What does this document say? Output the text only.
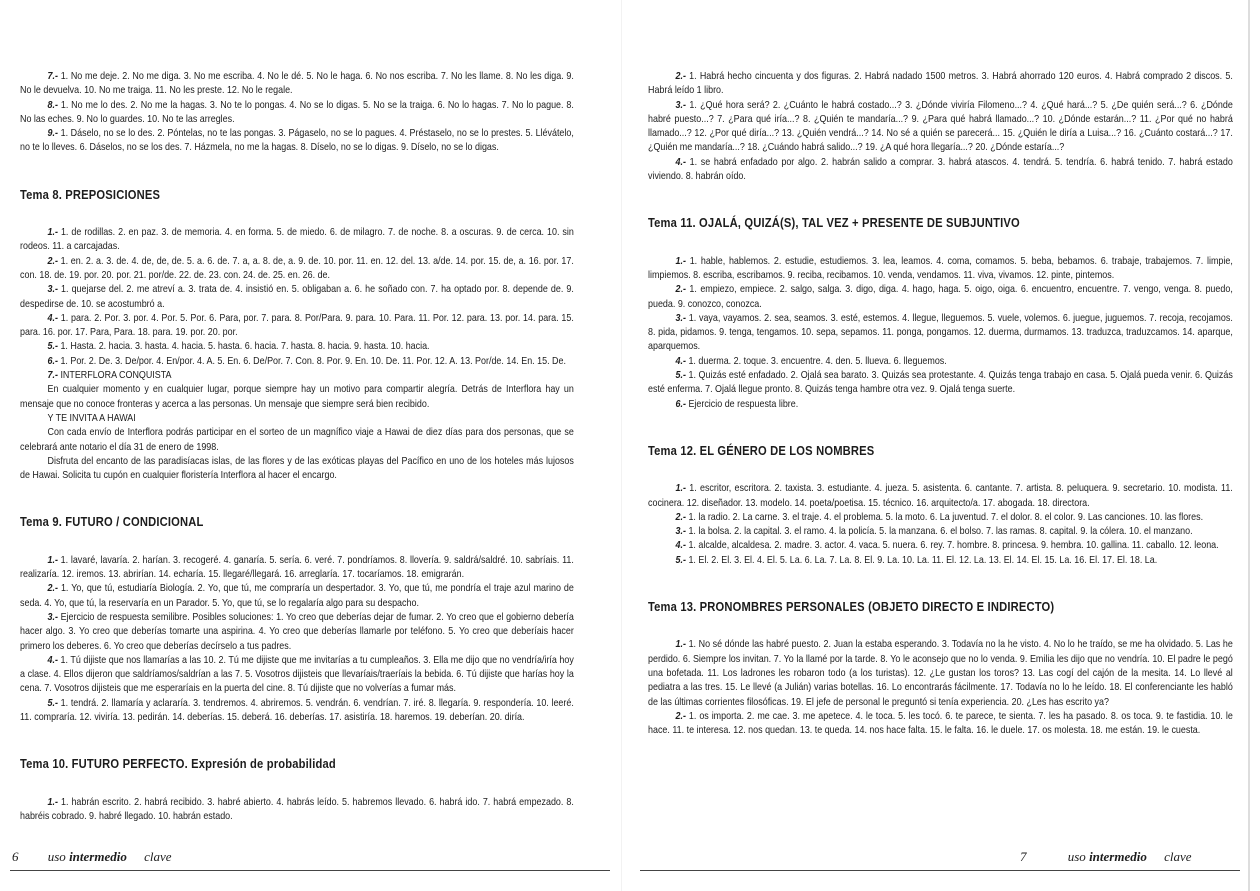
7.- 1. No me deje. 2. No me diga. 3. No me escriba. 4. No le dé. 5. No le haga. 6. No nos escriba. 7. No les llame. 8. No les diga. 9. No le devuelva. 10. No me traiga. 11. No les preste. 12. No le regale.

8.- 1. No me lo des. 2. No me la hagas. 3. No te lo pongas. 4. No se lo digas. 5. No se la traiga. 6. No lo hagas. 7. No lo pague. 8. No las eches. 9. No lo guardes. 10. No te las arregles.

9.- 1. Dáselo, no se lo des. 2. Póntelas, no te las pongas. 3. Págaselo, no se lo pagues. 4. Préstaselo, no se lo prestes. 5. Llévátelo, no te lo lleves. 6. Dáselos, no se los des. 7. Házmela, no me la hagas. 8. Díselo, no se lo digas. 9. Díselo, no se lo digas.

Tema 8. PREPOSICIONES

1.- 1. de rodillas. 2. en paz. 3. de memoria. 4. en forma. 5. de miedo. 6. de milagro. 7. de noche. 8. a oscuras. 9. de cerca. 10. sin rodeos. 11. a carcajadas.

2.- 1. en. 2. a. 3. de. 4. de, de, de. 5. a. 6. de. 7. a, a. 8. de, a. 9. de. 10. por. 11. en. 12. del. 13. a/de. 14. por. 15. de, a. 16. por. 17. con. 18. de. 19. por. 20. por. 21. por/de. 22. de. 23. con. 24. de. 25. en. 26. de.

3.- 1. quejarse del. 2. me atreví a. 3. trata de. 4. insistió en. 5. obligaban a. 6. he soñado con. 7. ha optado por. 8. depende de. 9. despedirse de. 10. se acostumbró a.

4.- 1. para. 2. Por. 3. por. 4. Por. 5. Por. 6. Para, por. 7. para. 8. Por/Para. 9. para. 10. Para. 11. Por. 12. para. 13. por. 14. para. 15. para. 16. por. 17. Para, Para. 18. para. 19. por. 20. por.

5.- 1. Hasta. 2. hacia. 3. hasta. 4. hacia. 5. hasta. 6. hacia. 7. hasta. 8. hacia. 9. hasta. 10. hacia.

6.- 1. Por. 2. De. 3. De/por. 4. En/por. 4. A. 5. En. 6. De/Por. 7. Con. 8. Por. 9. En. 10. De. 11. Por. 12. A. 13. Por/de. 14. En. 15. De.

7.- INTERFLORA CONQUISTA

En cualquier momento y en cualquier lugar, porque siempre hay un motivo para compartir alegría. Detrás de Interflora hay un mensaje que no conoce fronteras y acerca a las personas. Un mensaje que siempre será bien recibido.

Y TE INVITA A HAWAI

Con cada envío de Interflora podrás participar en el sorteo de un magnífico viaje a Hawai de diez días para dos personas, que se celebrará ante notario el día 31 de enero de 1998.

Disfruta del encanto de las paradisíacas islas, de las flores y de las exóticas playas del Pacífico en uno de los hoteles más lujosos de Hawai. Solicita tu cupón en cualquier floristería Interflora al hacer el encargo.

Tema 9. FUTURO / CONDICIONAL

1.- 1. lavaré, lavaría. 2. harían. 3. recogeré. 4. ganaría. 5. sería. 6. veré. 7. pondríamos. 8. llovería. 9. saldrá/saldré. 10. sabríais. 11. realizaría. 12. iremos. 13. abrirían. 14. echaría. 15. llegaré/llegará. 16. arreglaría. 17. tocaríamos. 18. emigrarán.

2.- 1. Yo, que tú, estudiaría Biología. 2. Yo, que tú, me compraría un despertador. 3. Yo, que tú, me pondría el traje azul marino de seda. 4. Yo, que tú, la reservaría en un Parador. 5. Yo, que tú, se lo regalaría algo para su despacho.

3.- Ejercicio de respuesta semilibre. Posibles soluciones: 1. Yo creo que deberías dejar de fumar. 2. Yo creo que el gobierno debería hacer algo. 3. Yo creo que deberías tomarte una aspirina. 4. Yo creo que deberías llamarle por teléfono. 5. Yo creo que deberíais hacer primero los deberes. 6. Yo creo que deberías decírselo a tus padres.

4.- 1. Tú dijiste que nos llamarías a las 10. 2. Tú me dijiste que me invitarías a tu cumpleaños. 3. Ella me dijo que no vendría/iría hoy a clase. 4. Ellos dijeron que saldríamos/saldrían a las 7. 5. Vosotros dijisteis que llevaríais/traeríais la bebida. 6. Tú dijiste que harías hoy la cena. 7. Vosotros dijisteis que me esperaríais en la puerta del cine. 8. Tú dijiste que no volverías a fumar más.

5.- 1. tendrá. 2. llamaría y aclararía. 3. tendremos. 4. abriremos. 5. vendrán. 6. vendrían. 7. iré. 8. llegaría. 9. respondería. 10. leeré. 11. compraría. 12. viviría. 13. pedirán. 14. deberías. 15. deberá. 16. deberías. 17. asistiría. 18. haremos. 19. deberían. 20. diría.

Tema 10. FUTURO PERFECTO. Expresión de probabilidad

1.- 1. habrán escrito. 2. habrá recibido. 3. habré abierto. 4. habrás leído. 5. habremos llevado. 6. habrá ido. 7. habrá empezado. 8. habréis cobrado. 9. habré llegado. 10. habrán estado.

6 uso intermedio clave

2.- 1. Habrá hecho cincuenta y dos figuras. 2. Habrá nadado 1500 metros. 3. Habrá ahorrado 120 euros. 4. Habrá comprado 2 discos. 5. Habrá leído 1 libro.

3.- 1. ¿Qué hora será? 2. ¿Cuánto le habrá costado...? 3. ¿Dónde viviría Filomeno...? 4. ¿Qué hará...? 5. ¿De quién será...? 6. ¿Dónde habré puesto...? 7. ¿Para qué iría...? 8. ¿Quién te mandaría...? 9. ¿Para qué habrá llamado...? 10. ¿Dónde estarán...? 11. ¿Por qué no habrá llamado...? 12. ¿Por qué diría...? 13. ¿Quién vendrá...? 14. No sé a quién se parecerá... 15. ¿Quién le diría a Luisa...? 16. ¿Cuánto costará...? 17. ¿Quién me mandaría...? 18. ¿Cuándo habrá salido...? 19. ¿A qué hora llegaría...? 20. ¿Dónde estaría...?

4.- 1. se habrá enfadado por algo. 2. habrán salido a comprar. 3. habrá atascos. 4. tendrá. 5. tendría. 6. habrá tenido. 7. habrá estado viviendo. 8. habrán oído.

Tema 11. OJALÁ, QUIZÁ(S), TAL VEZ + PRESENTE DE SUBJUNTIVO

1.- 1. hable, hablemos. 2. estudie, estudiemos. 3. lea, leamos. 4. coma, comamos. 5. beba, bebamos. 6. trabaje, trabajemos. 7. limpie, limpiemos. 8. escriba, escribamos. 9. reciba, recibamos. 10. venda, vendamos. 11. viva, vivamos. 12. pinte, pintemos.

2.- 1. empiezo, empiece. 2. salgo, salga. 3. digo, diga. 4. hago, haga. 5. oigo, oiga. 6. encuentro, encuentre. 7. vengo, venga. 8. puedo, pueda. 9. conozco, conozca.

3.- 1. vaya, vayamos. 2. sea, seamos. 3. esté, estemos. 4. llegue, lleguemos. 5. vuele, volemos. 6. juegue, juguemos. 7. recoja, recojamos. 8. pida, pidamos. 9. tenga, tengamos. 10. sepa, sepamos. 11. ponga, pongamos. 12. duerma, durmamos. 13. traduzca, traduzcamos. 14. aparque, aparquemos.

4.- 1. duerma. 2. toque. 3. encuentre. 4. den. 5. llueva. 6. lleguemos.

5.- 1. Quizás esté enfadado. 2. Ojalá sea barato. 3. Quizás sea protestante. 4. Quizás tenga trabajo en casa. 5. Ojalá pueda venir. 6. Quizás esté enferma. 7. Ojalá llegue pronto. 8. Quizás tenga hambre otra vez. 9. Ojalá tenga suerte.

6.- Ejercicio de respuesta libre.

Tema 12. EL GÉNERO DE LOS NOMBRES

1.- 1. escritor, escritora. 2. taxista. 3. estudiante. 4. jueza. 5. asistenta. 6. cantante. 7. artista. 8. peluquera. 9. secretario. 10. modista. 11. cocinera. 12. diseñador. 13. modelo. 14. poeta/poetisa. 15. técnico. 16. arquitecto/a. 17. abogada. 18. directora.

2.- 1. la radio. 2. La carne. 3. el traje. 4. el problema. 5. la moto. 6. La juventud. 7. el dolor. 8. el color. 9. Las canciones. 10. las flores.

3.- 1. la bolsa. 2. la capital. 3. el ramo. 4. la policía. 5. la manzana. 6. el bolso. 7. las ramas. 8. capital. 9. la cólera. 10. el manzano.

4.- 1. alcalde, alcaldesa. 2. madre. 3. actor. 4. vaca. 5. nuera. 6. rey. 7. hombre. 8. princesa. 9. hembra. 10. gallina. 11. caballo. 12. leona.

5.- 1. El. 2. El. 3. El. 4. El. 5. La. 6. La. 7. La. 8. El. 9. La. 10. La. 11. El. 12. La. 13. El. 14. El. 15. La. 16. El. 17. El. 18. La.

Tema 13. PRONOMBRES PERSONALES (OBJETO DIRECTO E INDIRECTO)

1.- 1. No sé dónde las habré puesto. 2. Juan la estaba esperando. 3. Todavía no la he visto. 4. No lo he traído, se me ha olvidado. 5. Las he perdido. 6. Siempre los invitan. 7. Yo la llamé por la tarde. 8. Yo le aconsejo que no lo venda. 9. Emilia les dijo que no vendría. 10. El padre le pegó una bofetada. 11. Los ladrones les robaron todo (a los turistas). 12. ¿Le gustan los toros? 13. Las cogí del cajón de la mesita. 14. Lo llevé al pediatra a las tres. 15. Le llevé (a Julián) varias botellas. 16. Lo encontrarás fácilmente. 17. Todavía no lo he leído. 18. El conferenciante les habló de las últimas corrientes filosóficas. 19. El jefe de personal le preguntó si tenía experiencia. 20. ¿Les has escrito ya?

2.- 1. os importa. 2. me cae. 3. me apetece. 4. le toca. 5. les tocó. 6. te parece, te sienta. 7. les ha pasado. 8. os toca. 9. te fastidia. 10. le hace. 11. te interesa. 12. nos quedan. 13. te queda. 14. nos hace falta. 15. le falta. 16. le duele. 17. os molesta. 18. me están. 19. le cuesta.

7	uso intermedio clave
